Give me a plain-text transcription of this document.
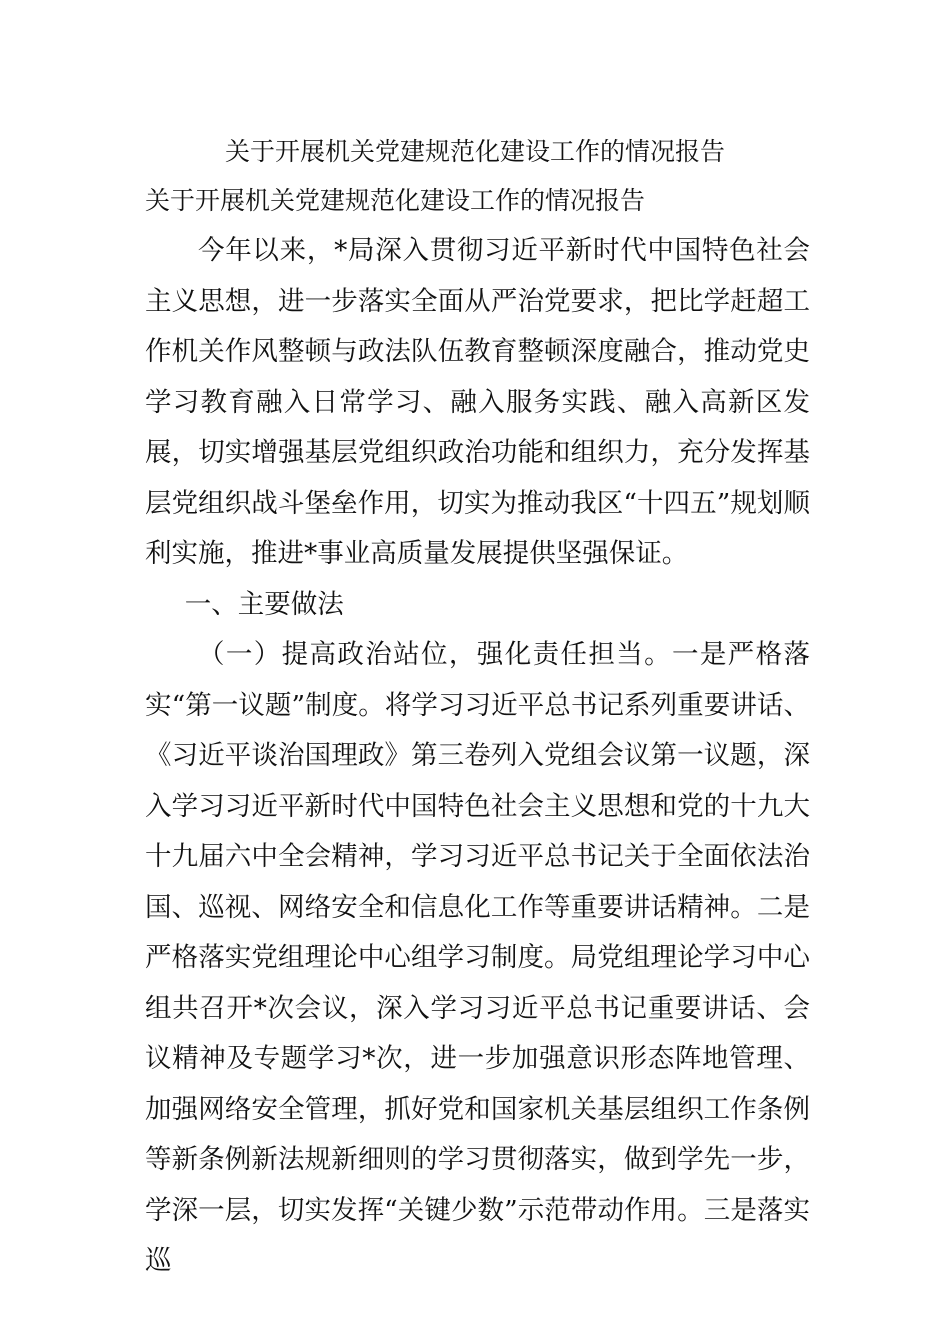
关于开展机关党建规范化建设工作的情况报告

关于开展机关党建规范化建设工作的情况报告

今年以来，*局深入贯彻习近平新时代中国特色社会主义思想，进一步落实全面从严治党要求，把比学赶超工作机关作风整顿与政法队伍教育整顿深度融合，推动党史学习教育融入日常学习、融入服务实践、融入高新区发展，切实增强基层党组织政治功能和组织力，充分发挥基层党组织战斗堡垒作用，切实为推动我区“十四五”规划顺利实施，推进*事业高质量发展提供坚强保证。

一、主要做法

（一）提高政治站位，强化责任担当。一是严格落实“第一议题”制度。将学习习近平总书记系列重要讲话、《习近平谈治国理政》第三卷列入党组会议第一议题，深入学习习近平新时代中国特色社会主义思想和党的十九大十九届六中全会精神，学习习近平总书记关于全面依法治国、巡视、网络安全和信息化工作等重要讲话精神。二是严格落实党组理论中心组学习制度。局党组理论学习中心组共召开*次会议，深入学习习近平总书记重要讲话、会议精神及专题学习*次，进一步加强意识形态阵地管理、加强网络安全管理，抓好党和国家机关基层组织工作条例等新条例新法规新细则的学习贯彻落实，做到学先一步，学深一层，切实发挥“关键少数”示范带动作用。三是落实巡
